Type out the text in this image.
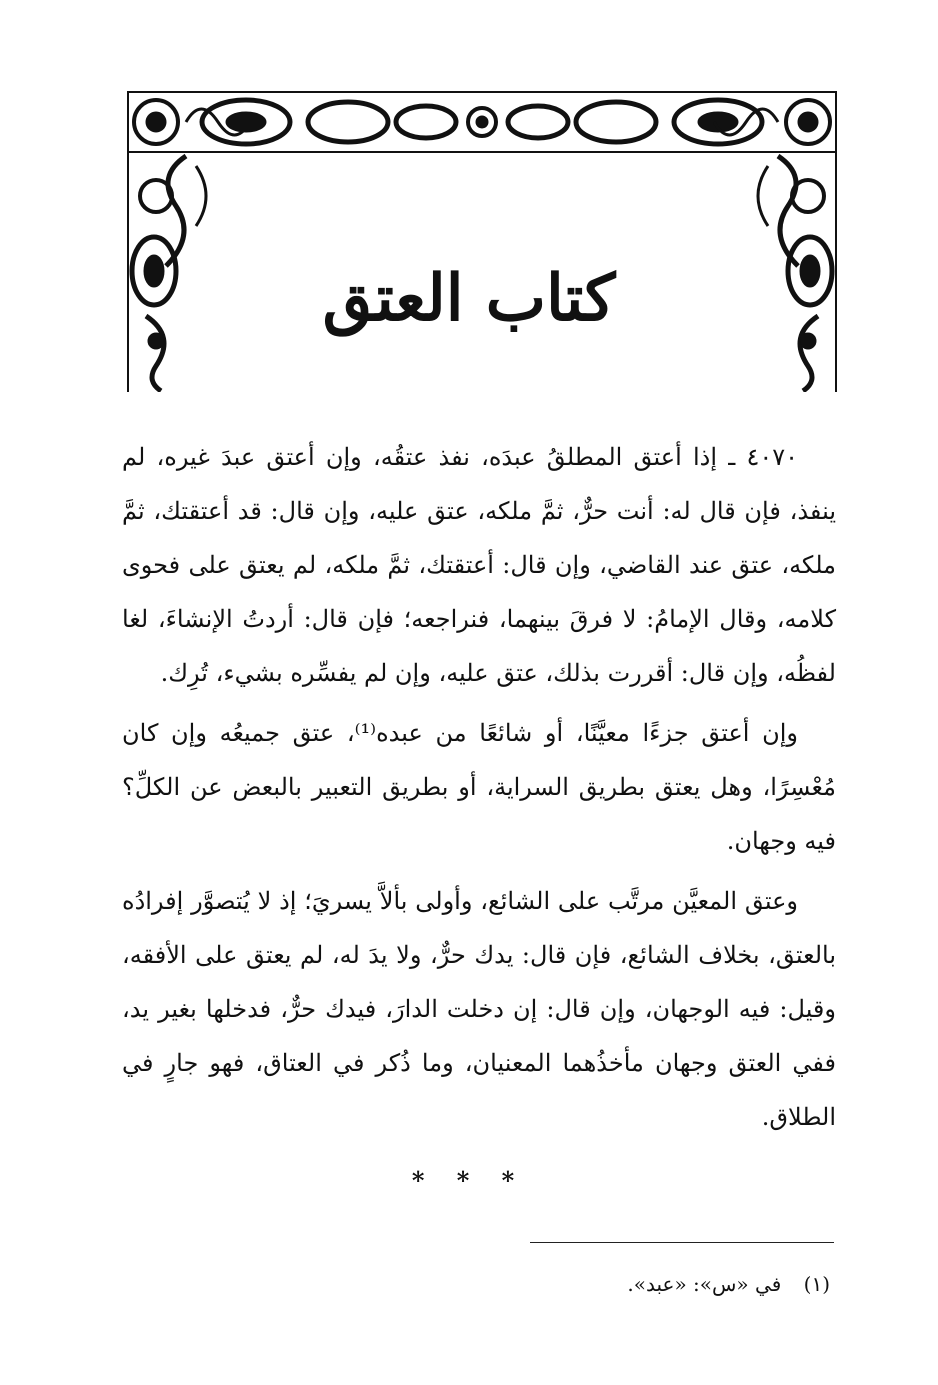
كتاب العتق

٤٠٧٠ ـ إذا أعتق المطلقُ عبدَه، نفذ عتقُه، وإن أعتق عبدَ غيره، لم ينفذ، فإن قال له: أنت حرٌّ، ثمَّ ملكه، عتق عليه، وإن قال: قد أعتقتك، ثمَّ ملكه، عتق عند القاضي، وإن قال: أعتقتك، ثمَّ ملكه، لم يعتق على فحوى كلامه، وقال الإمامُ: لا فرقَ بينهما، فنراجعه؛ فإن قال: أردتُ الإنشاءَ، لغا لفظُه، وإن قال: أقررت بذلك، عتق عليه، وإن لم يفسِّره بشيء، تُرِك.

وإن أعتق جزءًا معيَّنًا، أو شائعًا من عبده⁽¹⁾، عتق جميعُه وإن كان مُعْسِرًا، وهل يعتق بطريق السراية، أو بطريق التعبير بالبعض عن الكلِّ؟ فيه وجهان.

وعتق المعيَّن مرتَّب على الشائع، وأولى بألاَّ يسريَ؛ إذ لا يُتصوَّر إفرادُه بالعتق، بخلاف الشائع، فإن قال: يدك حرٌّ، ولا يدَ له، لم يعتق على الأفقه، وقيل: فيه الوجهان، وإن قال: إن دخلت الدارَ، فيدك حرٌّ، فدخلها بغير يد، ففي العتق وجهان مأخذُهما المعنيان، وما ذُكر في العتاق، فهو جارٍ في الطلاق.

* * *
(١) في «س»: «عبد».
